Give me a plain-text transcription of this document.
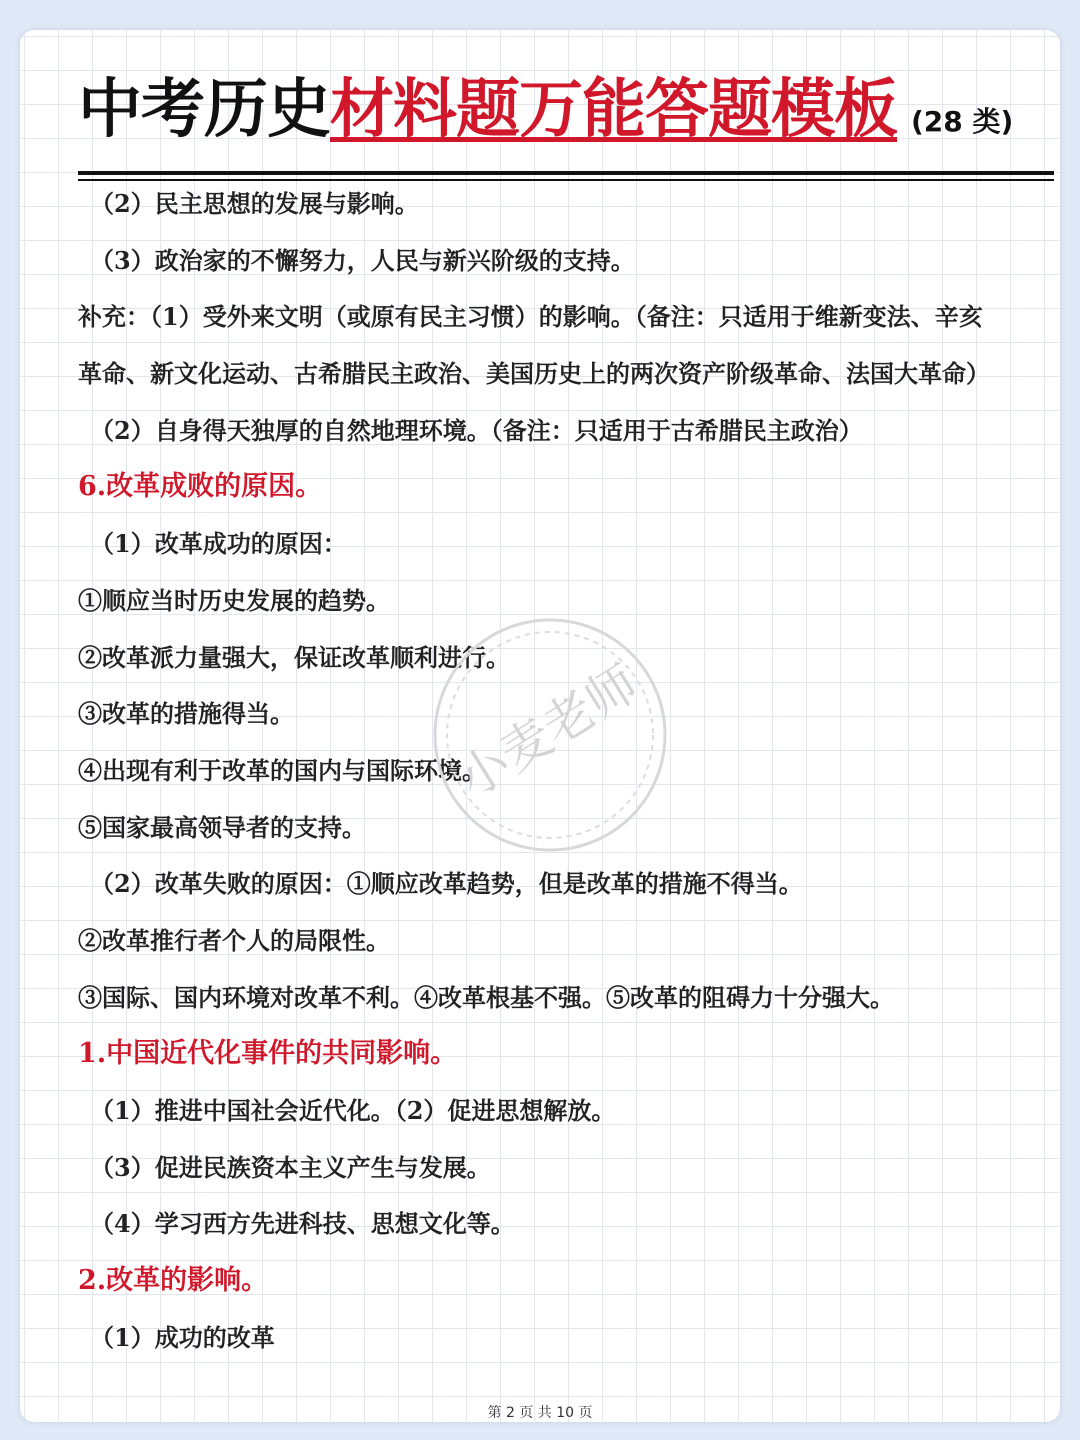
中考历史材料题万能答题模板 (28 类)
（2）民主思想的发展与影响。
（3）政治家的不懈努力，人民与新兴阶级的支持。
补充：（1）受外来文明（或原有民主习惯）的影响。（备注：只适用于维新变法、辛亥
革命、新文化运动、古希腊民主政治、美国历史上的两次资产阶级革命、法国大革命）
（2）自身得天独厚的自然地理环境。（备注：只适用于古希腊民主政治）
6.改革成败的原因。
（1）改革成功的原因：
①顺应当时历史发展的趋势。
②改革派力量强大，保证改革顺利进行。
③改革的措施得当。
④出现有利于改革的国内与国际环境。
⑤国家最高领导者的支持。
（2）改革失败的原因：①顺应改革趋势，但是改革的措施不得当。
②改革推行者个人的局限性。
③国际、国内环境对改革不利。④改革根基不强。⑤改革的阻碍力十分强大。
1.中国近代化事件的共同影响。
（1）推进中国社会近代化。（2）促进思想解放。
（3）促进民族资本主义产生与发展。
（4）学习西方先进科技、思想文化等。
2.改革的影响。
（1）成功的改革
小麦老师
第 2 页 共 10 页
